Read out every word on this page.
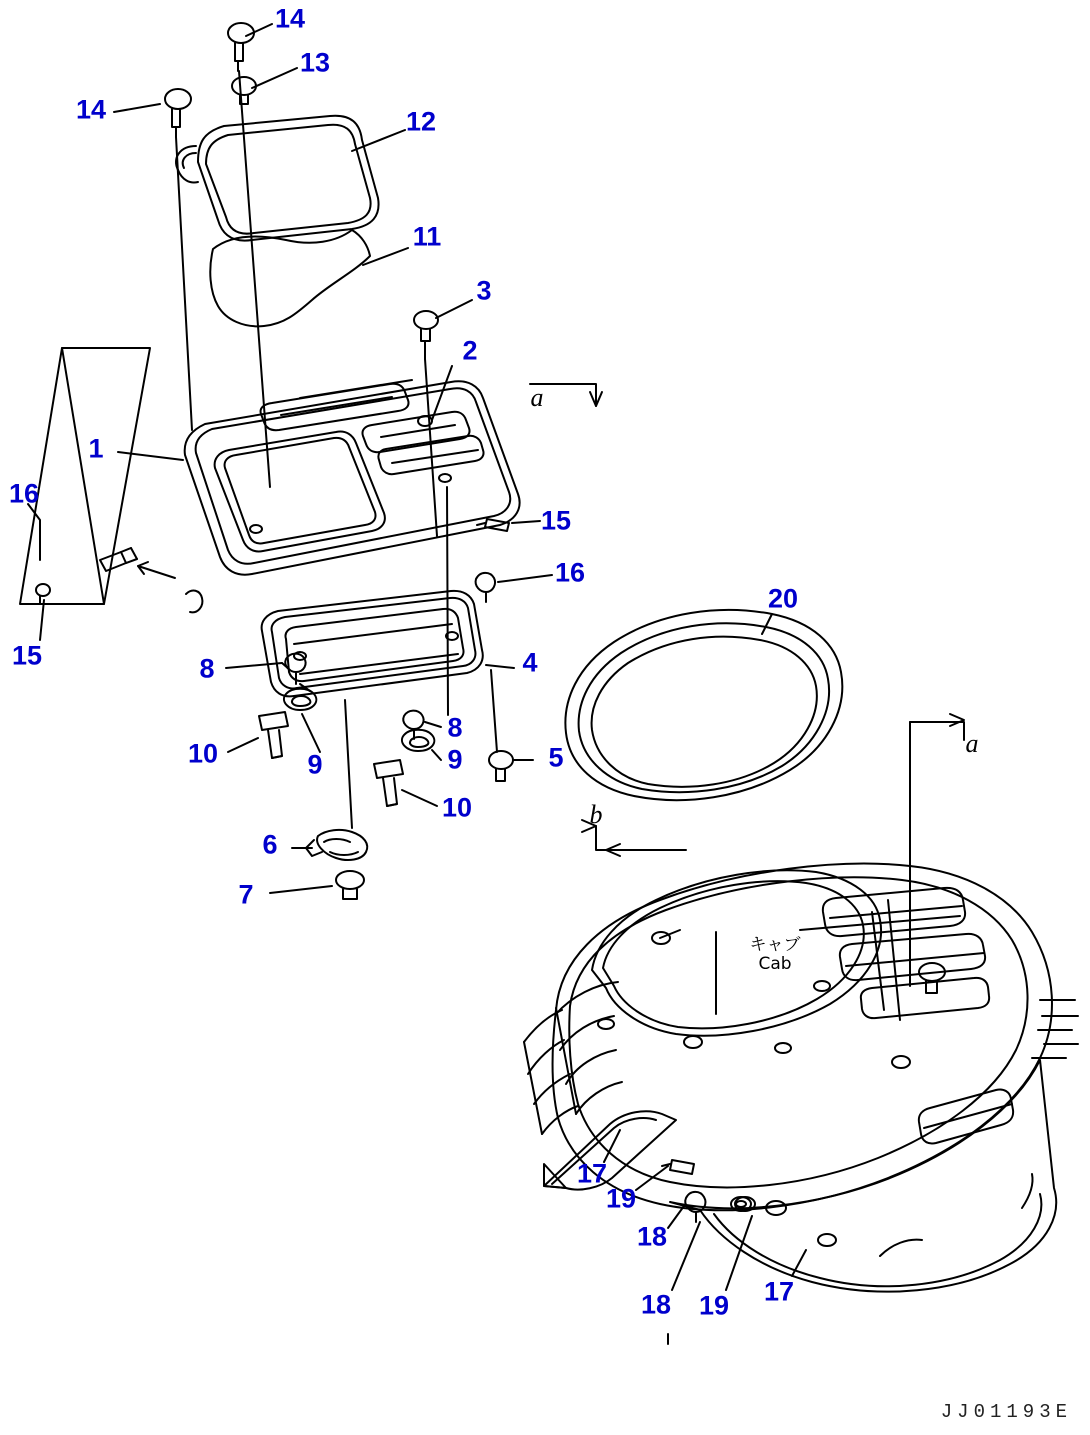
キャブ
Cab
a
b
a
14
13
14	12
11
3
2
1
16
15
16
15
20
8	4
8
10	9	9	5
10
6
7
17
19
18
18 19 17
JJ01193E
